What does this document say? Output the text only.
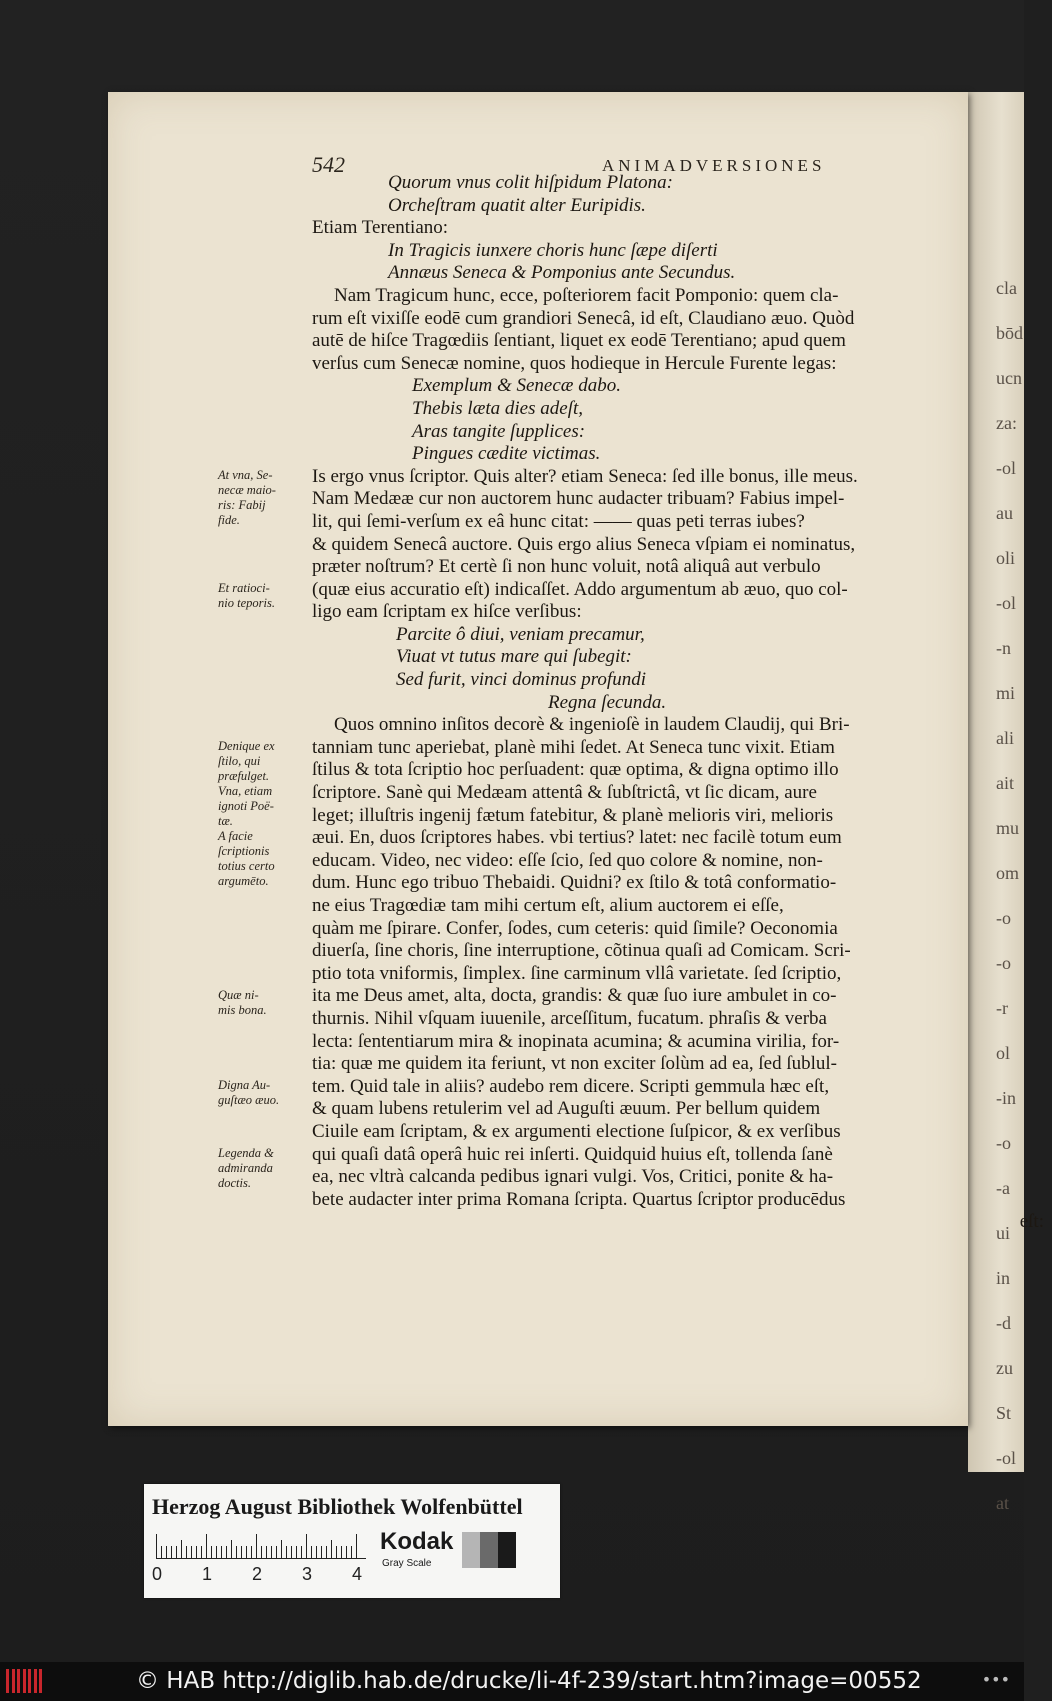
cla
bōd
ucn
za:
-ol
au
oli
-ol
-n
mi
ali
ait
mu
om
-o
-o
-r
ol
-in
-o
-a
ui
in
-d
zu
St
-ol
at
542	ANIMADVERSIONES
At vna, Se-
necæ maio-
ris: Fabij
fide.
Et ratioci-
nio teporis.
Denique ex
ſtilo, qui
præfulget.
Vna, etiam
ignoti Poë-
tæ.
A facie
ſcriptionis
totius certo
argumēto.
Quæ ni-
mis bona.
Digna Au-
guſtæo æuo.
Legenda &
admiranda
doctis.
Quorum vnus colit hiſpidum Platona:
Orcheſtram quatit alter Euripidis.
Etiam Terentiano:
In Tragicis iunxere choris hunc ſæpe diſerti
Annæus Seneca & Pomponius ante Secundus.
Nam Tragicum hunc, ecce, poſteriorem facit Pomponio: quem cla-
rum eſt vixiſſe eodē cum grandiori Senecâ, id eſt, Claudiano æuo. Quòd
autē de hiſce Tragœdiis ſentiant, liquet ex eodē Terentiano; apud quem
verſus cum Senecæ nomine, quos hodieque in Hercule Furente legas:
Exemplum & Senecæ dabo.
Thebis læta dies adeſt,
Aras tangite ſupplices:
Pingues cædite victimas.
Is ergo vnus ſcriptor. Quis alter? etiam Seneca: ſed ille bonus, ille meus.
Nam Medææ cur non auctorem hunc audacter tribuam? Fabius impel-
lit, qui ſemi-verſum ex eâ hunc citat: —— quas peti terras iubes?
& quidem Senecâ auctore. Quis ergo alius Seneca vſpiam ei nominatus,
præter noſtrum? Et certè ſi non hunc voluit, notâ aliquâ aut verbulo
(quæ eius accuratio eſt) indicaſſet. Addo argumentum ab æuo, quo col-
ligo eam ſcriptam ex hiſce verſibus:
Parcite ô diui, veniam precamur,
Viuat vt tutus mare qui ſubegit:
Sed furit, vinci dominus profundi
Regna ſecunda.
Quos omnino inſitos decorè & ingenioſè in laudem Claudij, qui Bri-
tanniam tunc aperiebat, planè mihi ſedet. At Seneca tunc vixit. Etiam
ſtilus & tota ſcriptio hoc perſuadent: quæ optima, & digna optimo illo
ſcriptore. Sanè qui Medæam attentâ & ſubſtrictâ, vt ſic dicam, aure
leget; illuſtris ingenij fætum fatebitur, & planè melioris viri, melioris
æui. En, duos ſcriptores habes. vbi tertius? latet: nec facilè totum eum
educam. Video, nec video: eſſe ſcio, ſed quo colore & nomine, non-
dum. Hunc ego tribuo Thebaidi. Quidni? ex ſtilo & totâ conformatio-
ne eius Tragœdiæ tam mihi certum eſt, alium auctorem ei eſſe,
quàm me ſpirare. Confer, ſodes, cum ceteris: quid ſimile? Oeconomia
diuerſa, ſine choris, ſine interruptione, cõtinua quaſi ad Comicam. Scri-
ptio tota vniformis, ſimplex. ſine carminum vllâ varietate. ſed ſcriptio,
ita me Deus amet, alta, docta, grandis: & quæ ſuo iure ambulet in co-
thurnis. Nihil vſquam iuuenile, arceſſitum, fucatum. phraſis & verba
lecta: ſententiarum mira & inopinata acumina; & acumina virilia, for-
tia: quæ me quidem ita feriunt, vt non exciter ſolùm ad ea, ſed ſublul-
tem. Quid tale in aliis? audebo rem dicere. Scripti gemmula hæc eſt,
& quam lubens retulerim vel ad Auguſti æuum. Per bellum quidem
Ciuile eam ſcriptam, & ex argumenti electione ſuſpicor, & ex verſibus
qui quaſi datâ operâ huic rei inſerti. Quidquid huius eſt, tollenda ſanè
ea, nec vltrà calcanda pedibus ignari vulgi. Vos, Critici, ponite & ha-
bete audacter inter prima Romana ſcripta. Quartus ſcriptor producēdus
eſt:
Herzog August Bibliothek Wolfenbüttel
0 1 2 3 4
Kodak
Gray Scale
© HAB http://diglib.hab.de/drucke/li-4f-239/start.htm?image=00552	•••
